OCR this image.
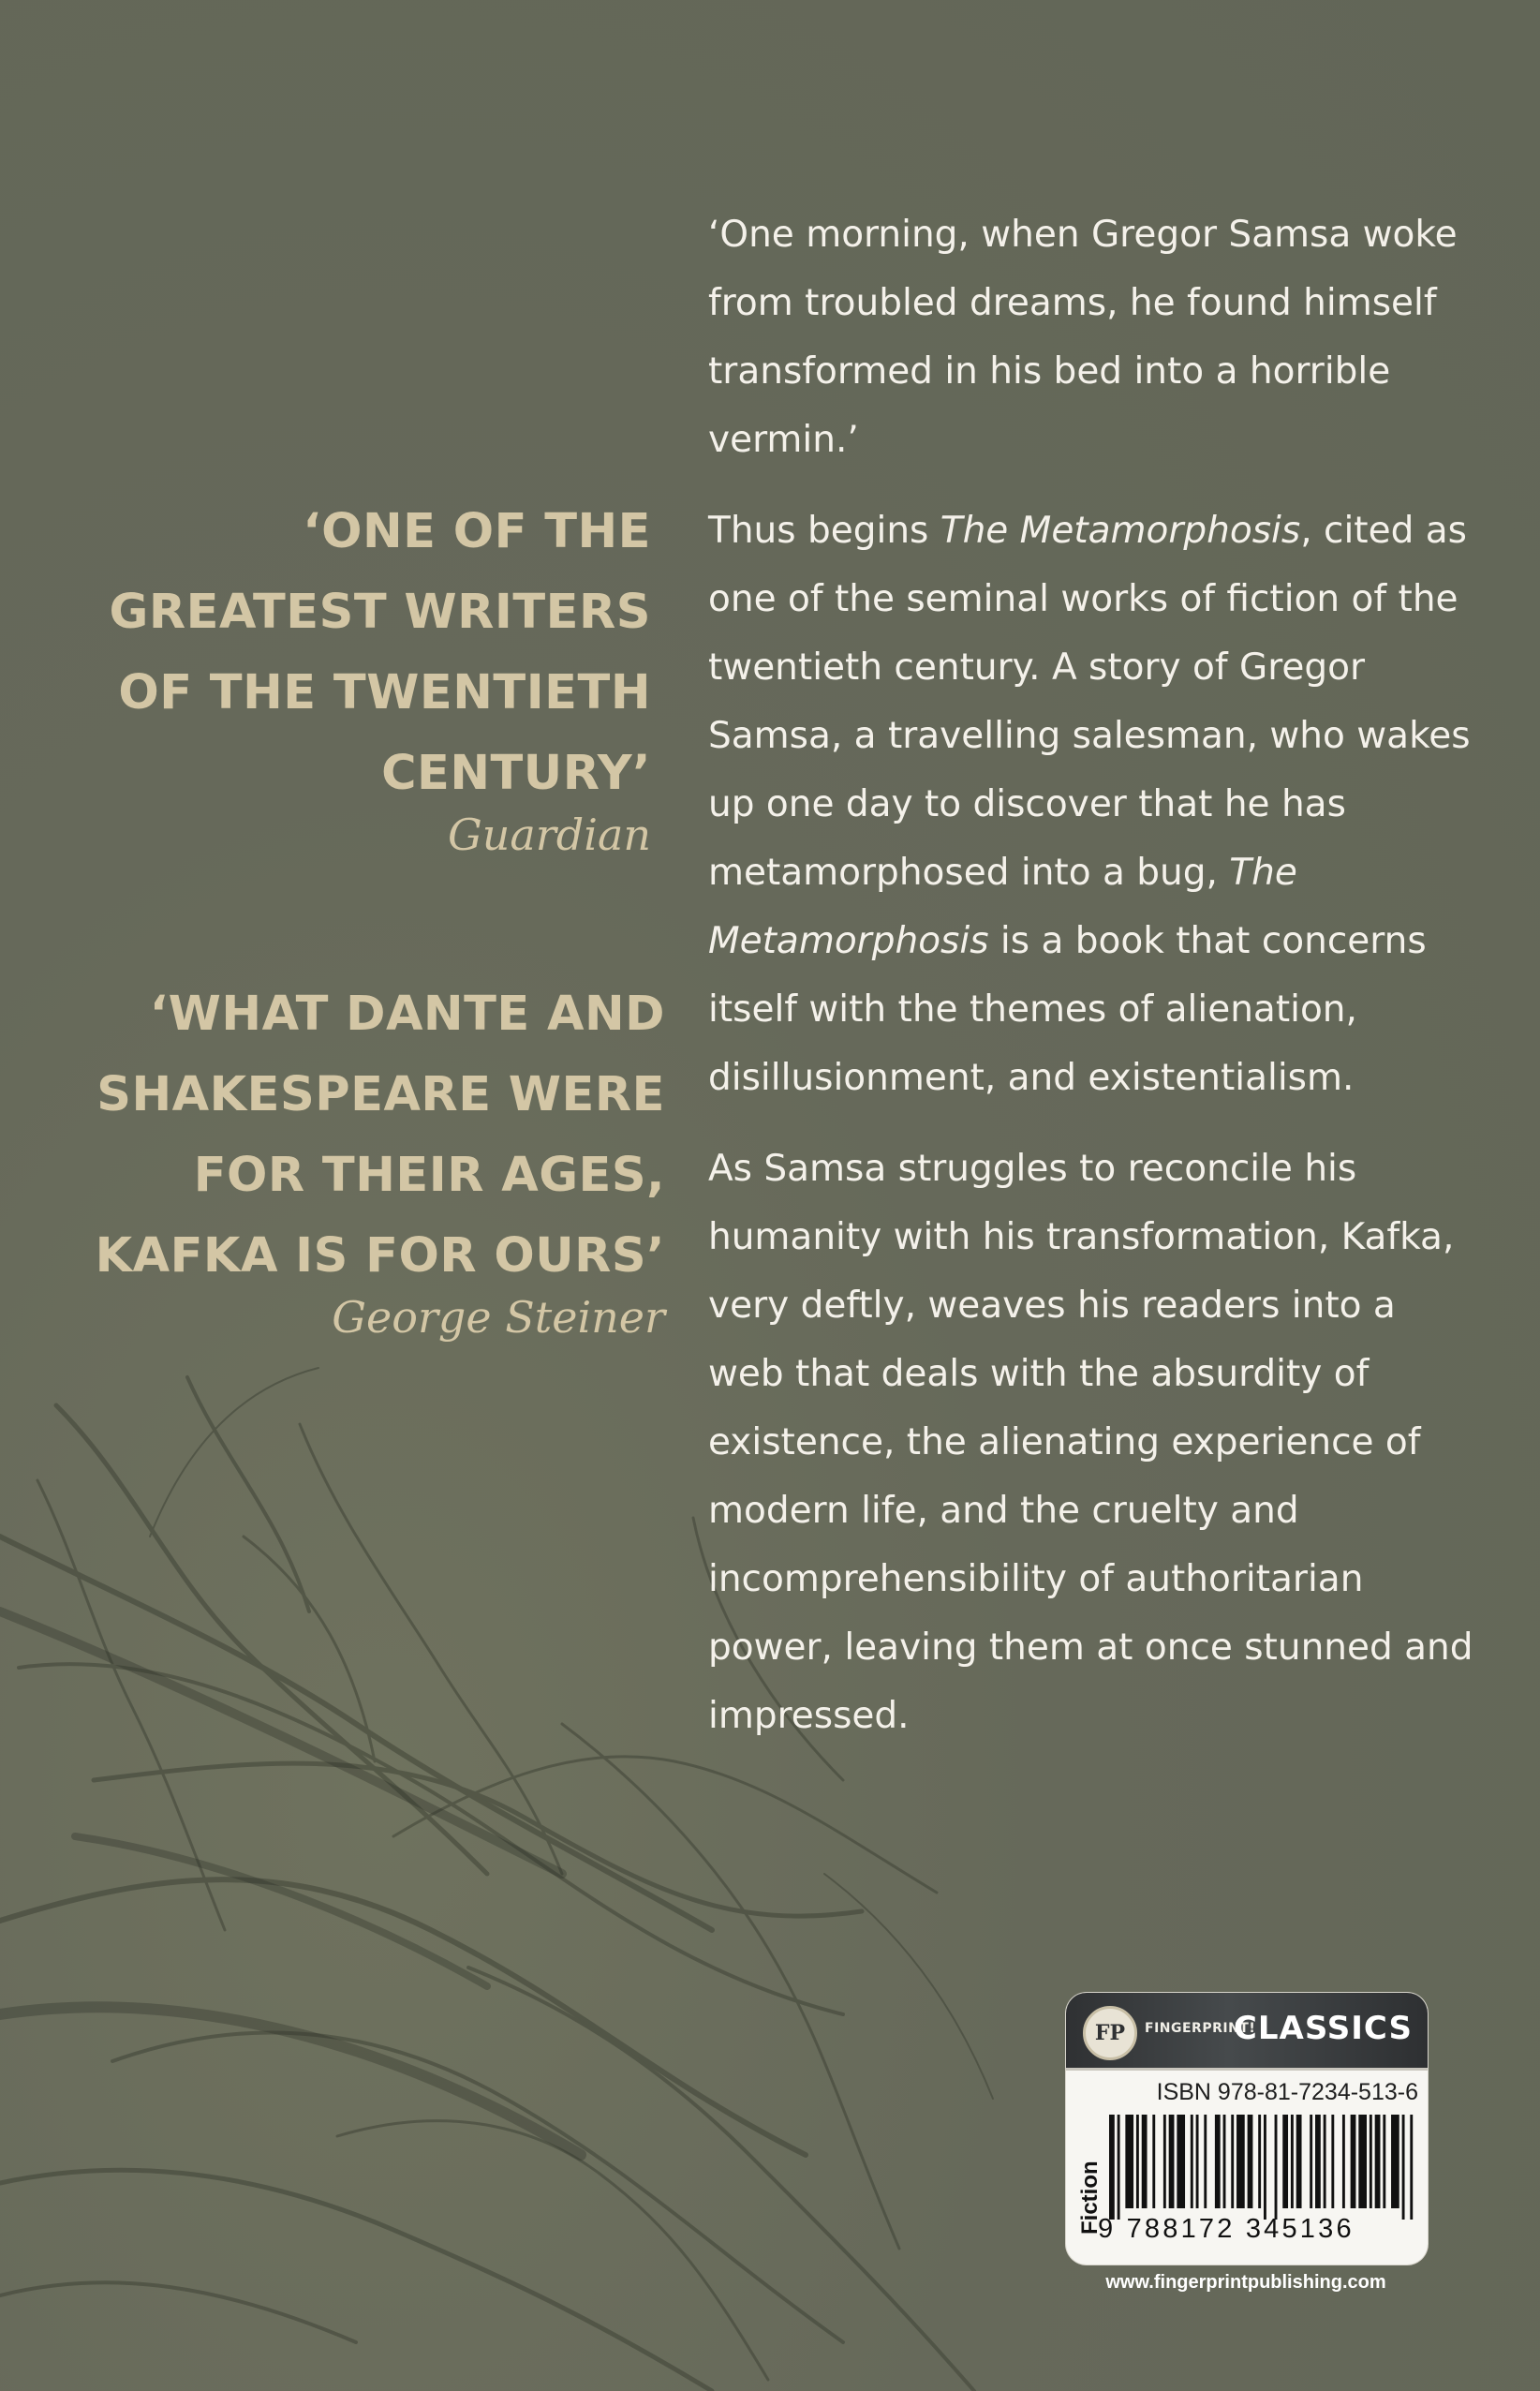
‘ONE OF THE
GREATEST WRITERS
OF THE TWENTIETH
CENTURY’
Guardian
‘WHAT DANTE AND
SHAKESPEARE WERE
FOR THEIR AGES,
KAFKA IS FOR OURS’
George Steiner

‘One morning, when Gregor Samsa woke from troubled dreams, he found himself transformed in his bed into a horrible vermin.’

Thus begins The Metamorphosis, cited as one of the seminal works of fiction of the twentieth century. A story of Gregor Samsa, a travelling salesman, who wakes up one day to discover that he has metamorphosed into a bug, The Metamorphosis is a book that concerns itself with the themes of alienation, disillusionment, and existentialism.

As Samsa struggles to reconcile his humanity with his transformation, Kafka, very deftly, weaves his readers into a web that deals with the absurdity of existence, the alienating experience of modern life, and the cruelty and incomprehensibility of authoritarian power, leaving them at once stunned and impressed.

FP	FINGERPRINT!
CLASSICS
ISBN 978-81-7234-513-6
Fiction
9 788172 345136
www.fingerprintpublishing.com
